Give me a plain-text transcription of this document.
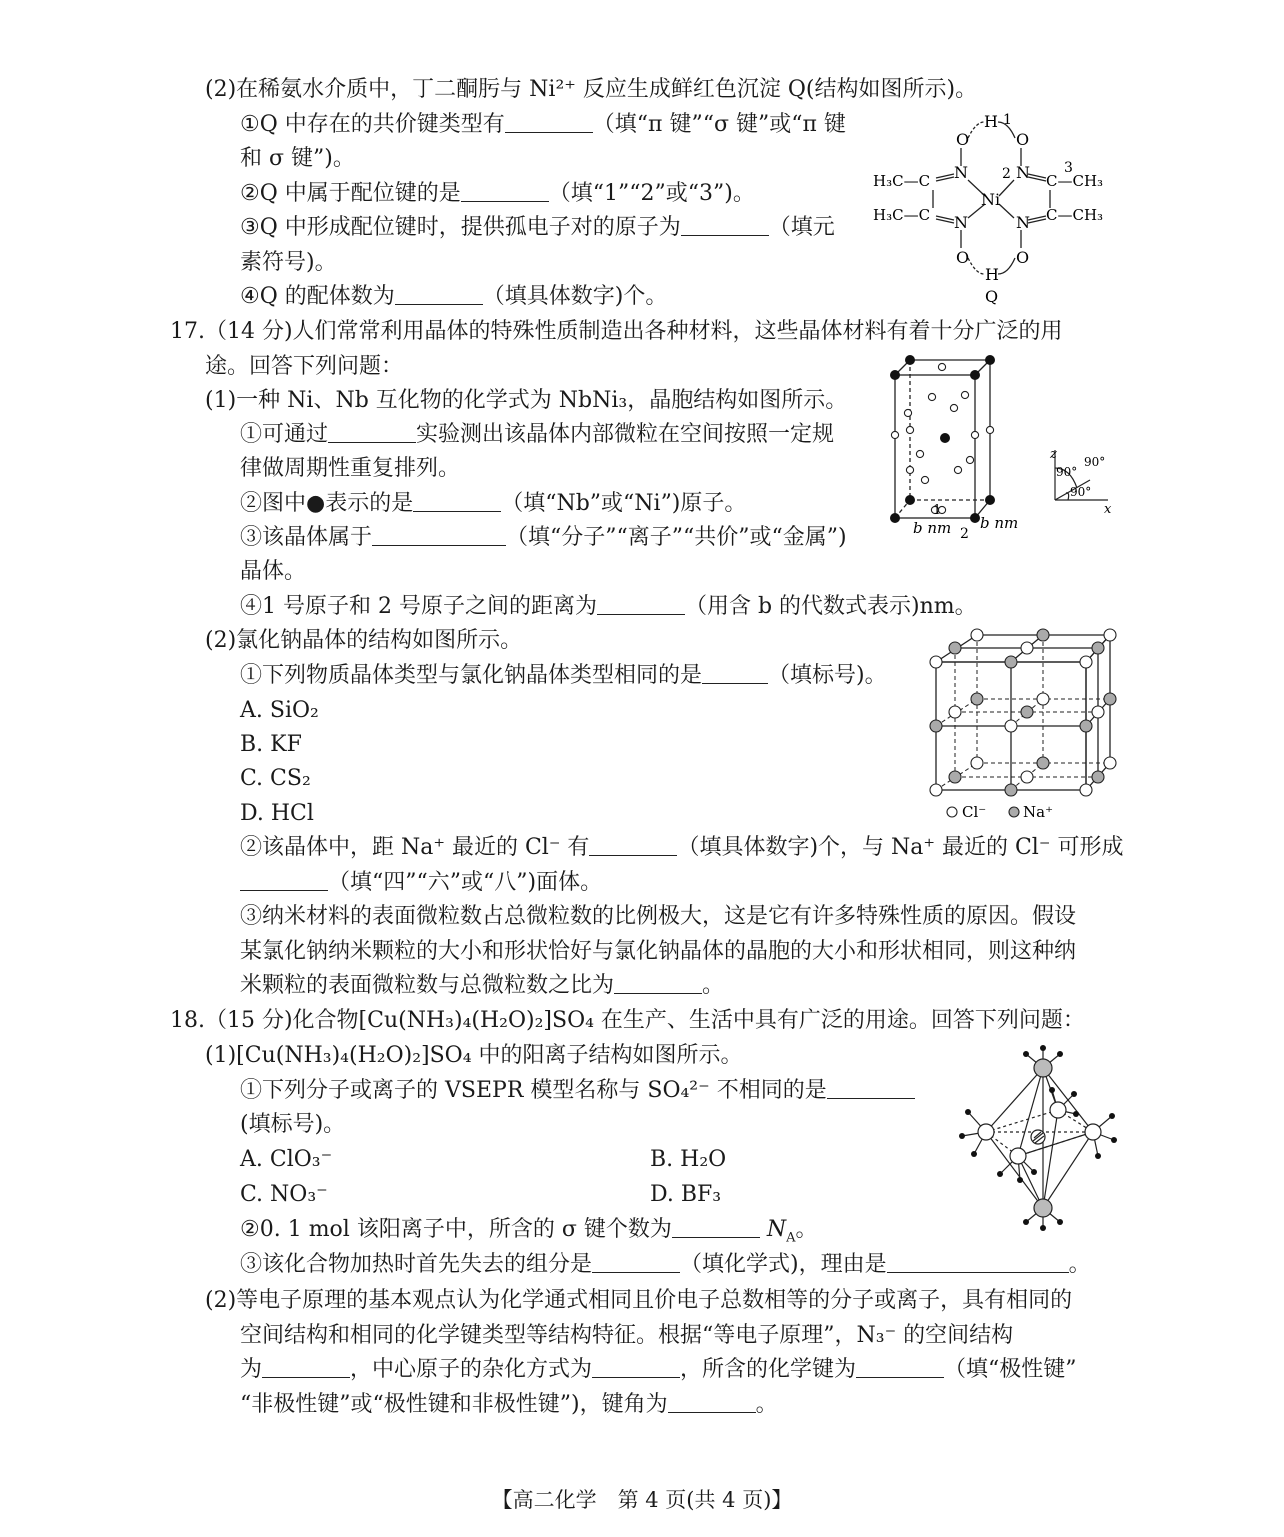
(2)在稀氨水介质中，丁二酮肟与 Ni²⁺ 反应生成鲜红色沉淀 Q(结构如图所示)。
①Q 中存在的共价键类型有	（填“π 键”“σ 键”或“π 键
和 σ 键”)。
②Q 中属于配位键的是	（填“1”“2”或“3”)。
③Q 中形成配位键时，提供孤电子对的原子为	（填元
素符号)。
④Q 的配体数为	（填具体数字)个。
O	O
H 1
H₃C—C N 2 N C—CH₃
3
Ni
H₃C—C N	N C—CH₃
O	O
H
Q
17.（14 分)人们常常利用晶体的特殊性质制造出各种材料，这些晶体材料有着十分广泛的用
途。回答下列问题：
(1)一种 Ni、Nb 互化物的化学式为 NbNi₃，晶胞结构如图所示。
①可通过	实验测出该晶体内部微粒在空间按照一定规
律做周期性重复排列。
②图中●表示的是	（填“Nb”或“Ni”)原子。
③该晶体属于	（填“分子”“离子”“共价”或“金属”)
晶体。
④1 号原子和 2 号原子之间的距离为	（用含 b 的代数式表示)nm。
1
2
b nm b nm
z
x
90°
90°
90°
(2)氯化钠晶体的结构如图所示。
①下列物质晶体类型与氯化钠晶体类型相同的是	（填标号)。
A. SiO₂
B. KF
C. CS₂
D. HCl	Cl⁻ Na⁺
②该晶体中，距 Na⁺ 最近的 Cl⁻ 有	（填具体数字)个，与 Na⁺ 最近的 Cl⁻ 可形成
（填“四”“六”或“八”)面体。
③纳米材料的表面微粒数占总微粒数的比例极大，这是它有许多特殊性质的原因。假设
某氯化钠纳米颗粒的大小和形状恰好与氯化钠晶体的晶胞的大小和形状相同，则这种纳
米颗粒的表面微粒数与总微粒数之比为	。
18.（15 分)化合物[Cu(NH₃)₄(H₂O)₂]SO₄ 在生产、生活中具有广泛的用途。回答下列问题：
(1)[Cu(NH₃)₄(H₂O)₂]SO₄ 中的阳离子结构如图所示。
①下列分子或离子的 VSEPR 模型名称与 SO₄²⁻ 不相同的是
(填标号)。
A. ClO₃⁻	B. H₂O
C. NO₃⁻	D. BF₃
②0. 1 mol 该阳离子中，所含的 σ 键个数为	$N_A$。
③该化合物加热时首先失去的组分是	（填化学式)，理由是	。
(2)等电子原理的基本观点认为化学通式相同且价电子总数相等的分子或离子，具有相同的
空间结构和相同的化学键类型等结构特征。根据“等电子原理”，N₃⁻ 的空间结构
为	，中心原子的杂化方式为	，所含的化学键为	（填“极性键”
“非极性键”或“极性键和非极性键”)，键角为	。
【高二化学　第 4 页(共 4 页)】
